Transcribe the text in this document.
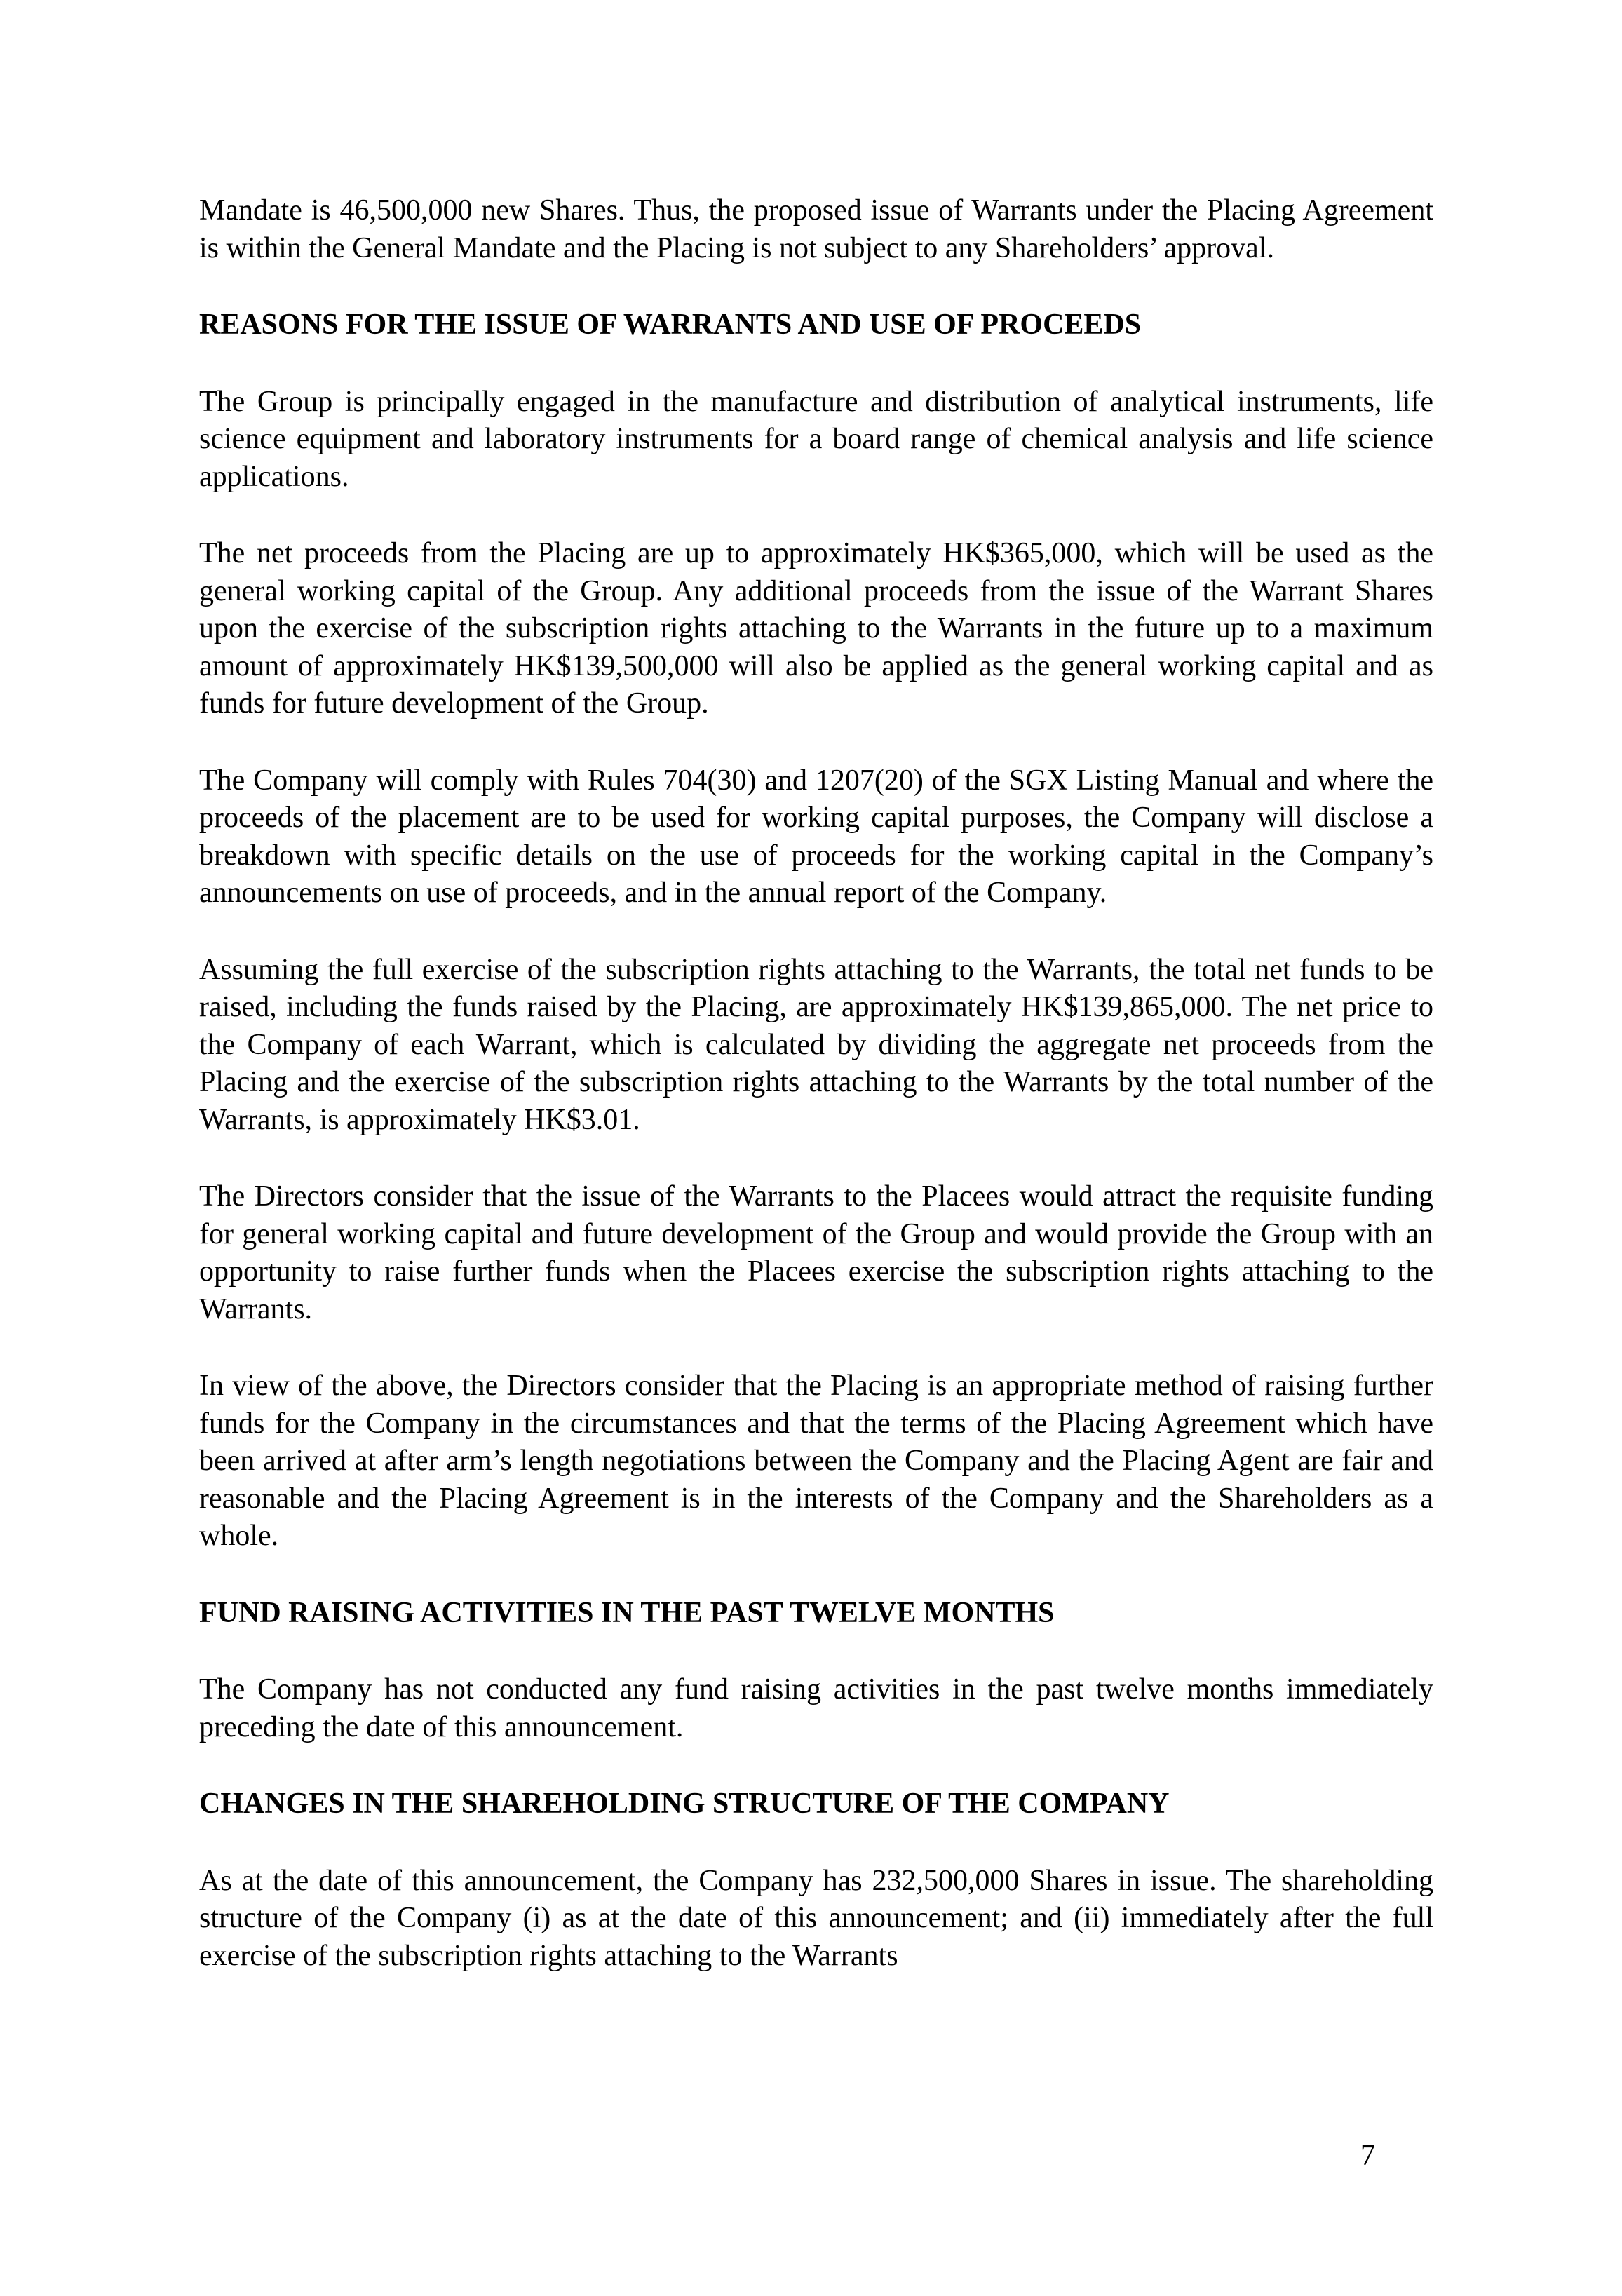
Mandate is 46,500,000 new Shares. Thus, the proposed issue of Warrants under the Placing Agreement is within the General Mandate and the Placing is not subject to any Shareholders’ approval.

REASONS FOR THE ISSUE OF WARRANTS AND USE OF PROCEEDS

The Group is principally engaged in the manufacture and distribution of analytical instruments, life science equipment and laboratory instruments for a board range of chemical analysis and life science applications.

The net proceeds from the Placing are up to approximately HK$365,000, which will be used as the general working capital of the Group. Any additional proceeds from the issue of the Warrant Shares upon the exercise of the subscription rights attaching to the Warrants in the future up to a maximum amount of approximately HK$139,500,000 will also be applied as the general working capital and as funds for future development of the Group.

The Company will comply with Rules 704(30) and 1207(20) of the SGX Listing Manual and where the proceeds of the placement are to be used for working capital purposes, the Company will disclose a breakdown with specific details on the use of proceeds for the working capital in the Company’s announcements on use of proceeds, and in the annual report of the Company.

Assuming the full exercise of the subscription rights attaching to the Warrants, the total net funds to be raised, including the funds raised by the Placing, are approximately HK$139,865,000. The net price to the Company of each Warrant, which is calculated by dividing the aggregate net proceeds from the Placing and the exercise of the subscription rights attaching to the Warrants by the total number of the Warrants, is approximately HK$3.01.

The Directors consider that the issue of the Warrants to the Placees would attract the requisite funding for general working capital and future development of the Group and would provide the Group with an opportunity to raise further funds when the Placees exercise the subscription rights attaching to the Warrants.

In view of the above, the Directors consider that the Placing is an appropriate method of raising further funds for the Company in the circumstances and that the terms of the Placing Agreement which have been arrived at after arm’s length negotiations between the Company and the Placing Agent are fair and reasonable and the Placing Agreement is in the interests of the Company and the Shareholders as a whole.

FUND RAISING ACTIVITIES IN THE PAST TWELVE MONTHS

The Company has not conducted any fund raising activities in the past twelve months immediately preceding the date of this announcement.

CHANGES IN THE SHAREHOLDING STRUCTURE OF THE COMPANY

As at the date of this announcement, the Company has 232,500,000 Shares in issue. The shareholding structure of the Company (i) as at the date of this announcement; and (ii) immediately after the full exercise of the subscription rights attaching to the Warrants

7
